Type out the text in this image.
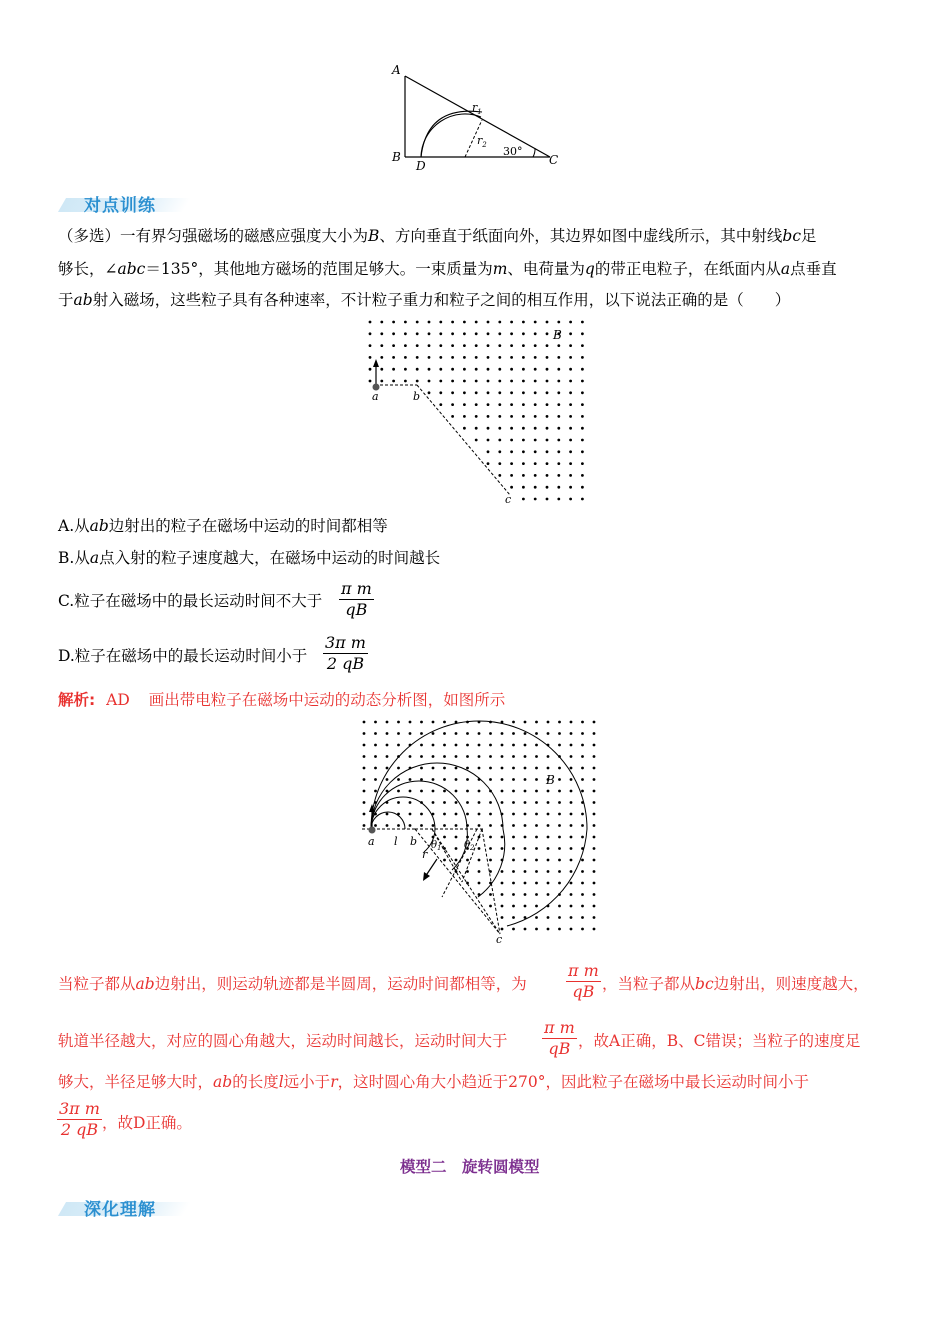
A
B	C
D
$r_1$
$r_2$ 30°
对点训练
（多选）一有界匀强磁场的磁感应强度大小为B、方向垂直于纸面向外，其边界如图中虚线所示，其中射线bc足
够长，∠abc＝135°，其他地方磁场的范围足够大。一束质量为m、电荷量为q的带正电粒子，在纸面内从a点垂直
于ab射入磁场，这些粒子具有各种速率，不计粒子重力和粒子之间的相互作用，以下说法正确的是（　　）
a	b
c
B
A.从ab边射出的粒子在磁场中运动的时间都相等
B.从a点入射的粒子速度越大，在磁场中运动的时间越长
C.粒子在磁场中的最长运动时间不大于 $\frac{\text{π m}}{qB}$
D.粒子在磁场中的最长运动时间小于 $\frac{\text{3π m}}{2 qB}$
解析: AD 画出带电粒子在磁场中运动的动态分析图，如图所示
a l b
r
$\theta_1$ $\theta_2$
B
c
当粒子都从ab边射出，则运动轨迹都是半圆周，运动时间都相等，为 $\frac{\text{π m}}{qB}$ ，当粒子都从bc边射出，则速度越大，
轨道半径越大，对应的圆心角越大，运动时间越长，运动时间大于 $\frac{\text{π m}}{qB}$ ，故A正确，B、C错误；当粒子的速度足
够大，半径足够大时，ab的长度l远小于r，这时圆心角大小趋近于270°，因此粒子在磁场中最长运动时间小于
$\frac{\text{3π m}}{2 qB}$ ，故D正确。
模型二　旋转圆模型
深化理解
